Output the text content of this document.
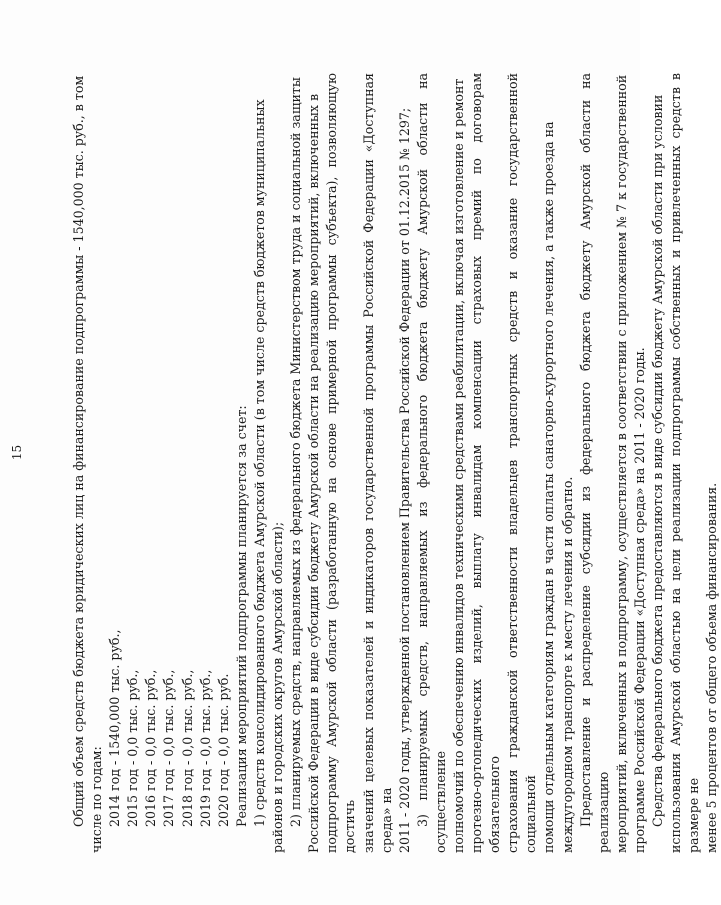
15	Общий объем средств бюджета юридических лиц на финансирование подпрограммы - 1540,000 тыс. руб., в том числе по годам: 2014 год - 1540,000 тыс. руб., 2015 год - 0,0 тыс. руб., 2016 год - 0,0 тыс. руб., 2017 год - 0,0 тыс. руб., 2018 год - 0,0 тыс. руб., 2019 год - 0,0 тыс. руб., 2020 год - 0,0 тыс. руб. Реализация мероприятий подпрограммы планируется за счет: 1) средств консолидированного бюджета Амурской области (в том числе средств бюджетов муниципальных районов и городских округов Амурской области); 2) планируемых средств, направляемых из федерального бюджета Министерством труда и социальной защиты Российской Федерации в виде субсидии бюджету Амурской области на реализацию мероприятий, включенных в подпрограмму Амурской области (разработанную на основе примерной программы субъекта), позволяющую достичь значений целевых показателей и индикаторов государственной программы Российской Федерации «Доступная среда» на 2011 - 2020 годы, утвержденной постановлением Правительства Российской Федерации от 01.12.2015 № 1297; 3) планируемых средств, направляемых из федерального бюджета бюджету Амурской области на осуществление полномочий по обеспечению инвалидов техническими средствами реабилитации, включая изготовление и ремонт протезно-ортопедических изделий, выплату инвалидам компенсации страховых премий по договорам обязательного страхования гражданской ответственности владельцев транспортных средств и оказание государственной социальной помощи отдельным категориям граждан в части оплаты санаторно-курортного лечения, а также проезда на междугородном транспорте к месту лечения и обратно. Предоставление и распределение субсидии из федерального бюджета бюджету Амурской области на реализацию мероприятий, включенных в подпрограмму, осуществляется в соответствии с приложением № 7 к государственной программе Российской Федерации «Доступная среда» на 2011 - 2020 годы. Средства федерального бюджета предоставляются в виде субсидии бюджету Амурской области при условии использования Амурской областью на цели реализации подпрограммы собственных и привлеченных средств в размере не менее 5 процентов от общего объема финансирования.
